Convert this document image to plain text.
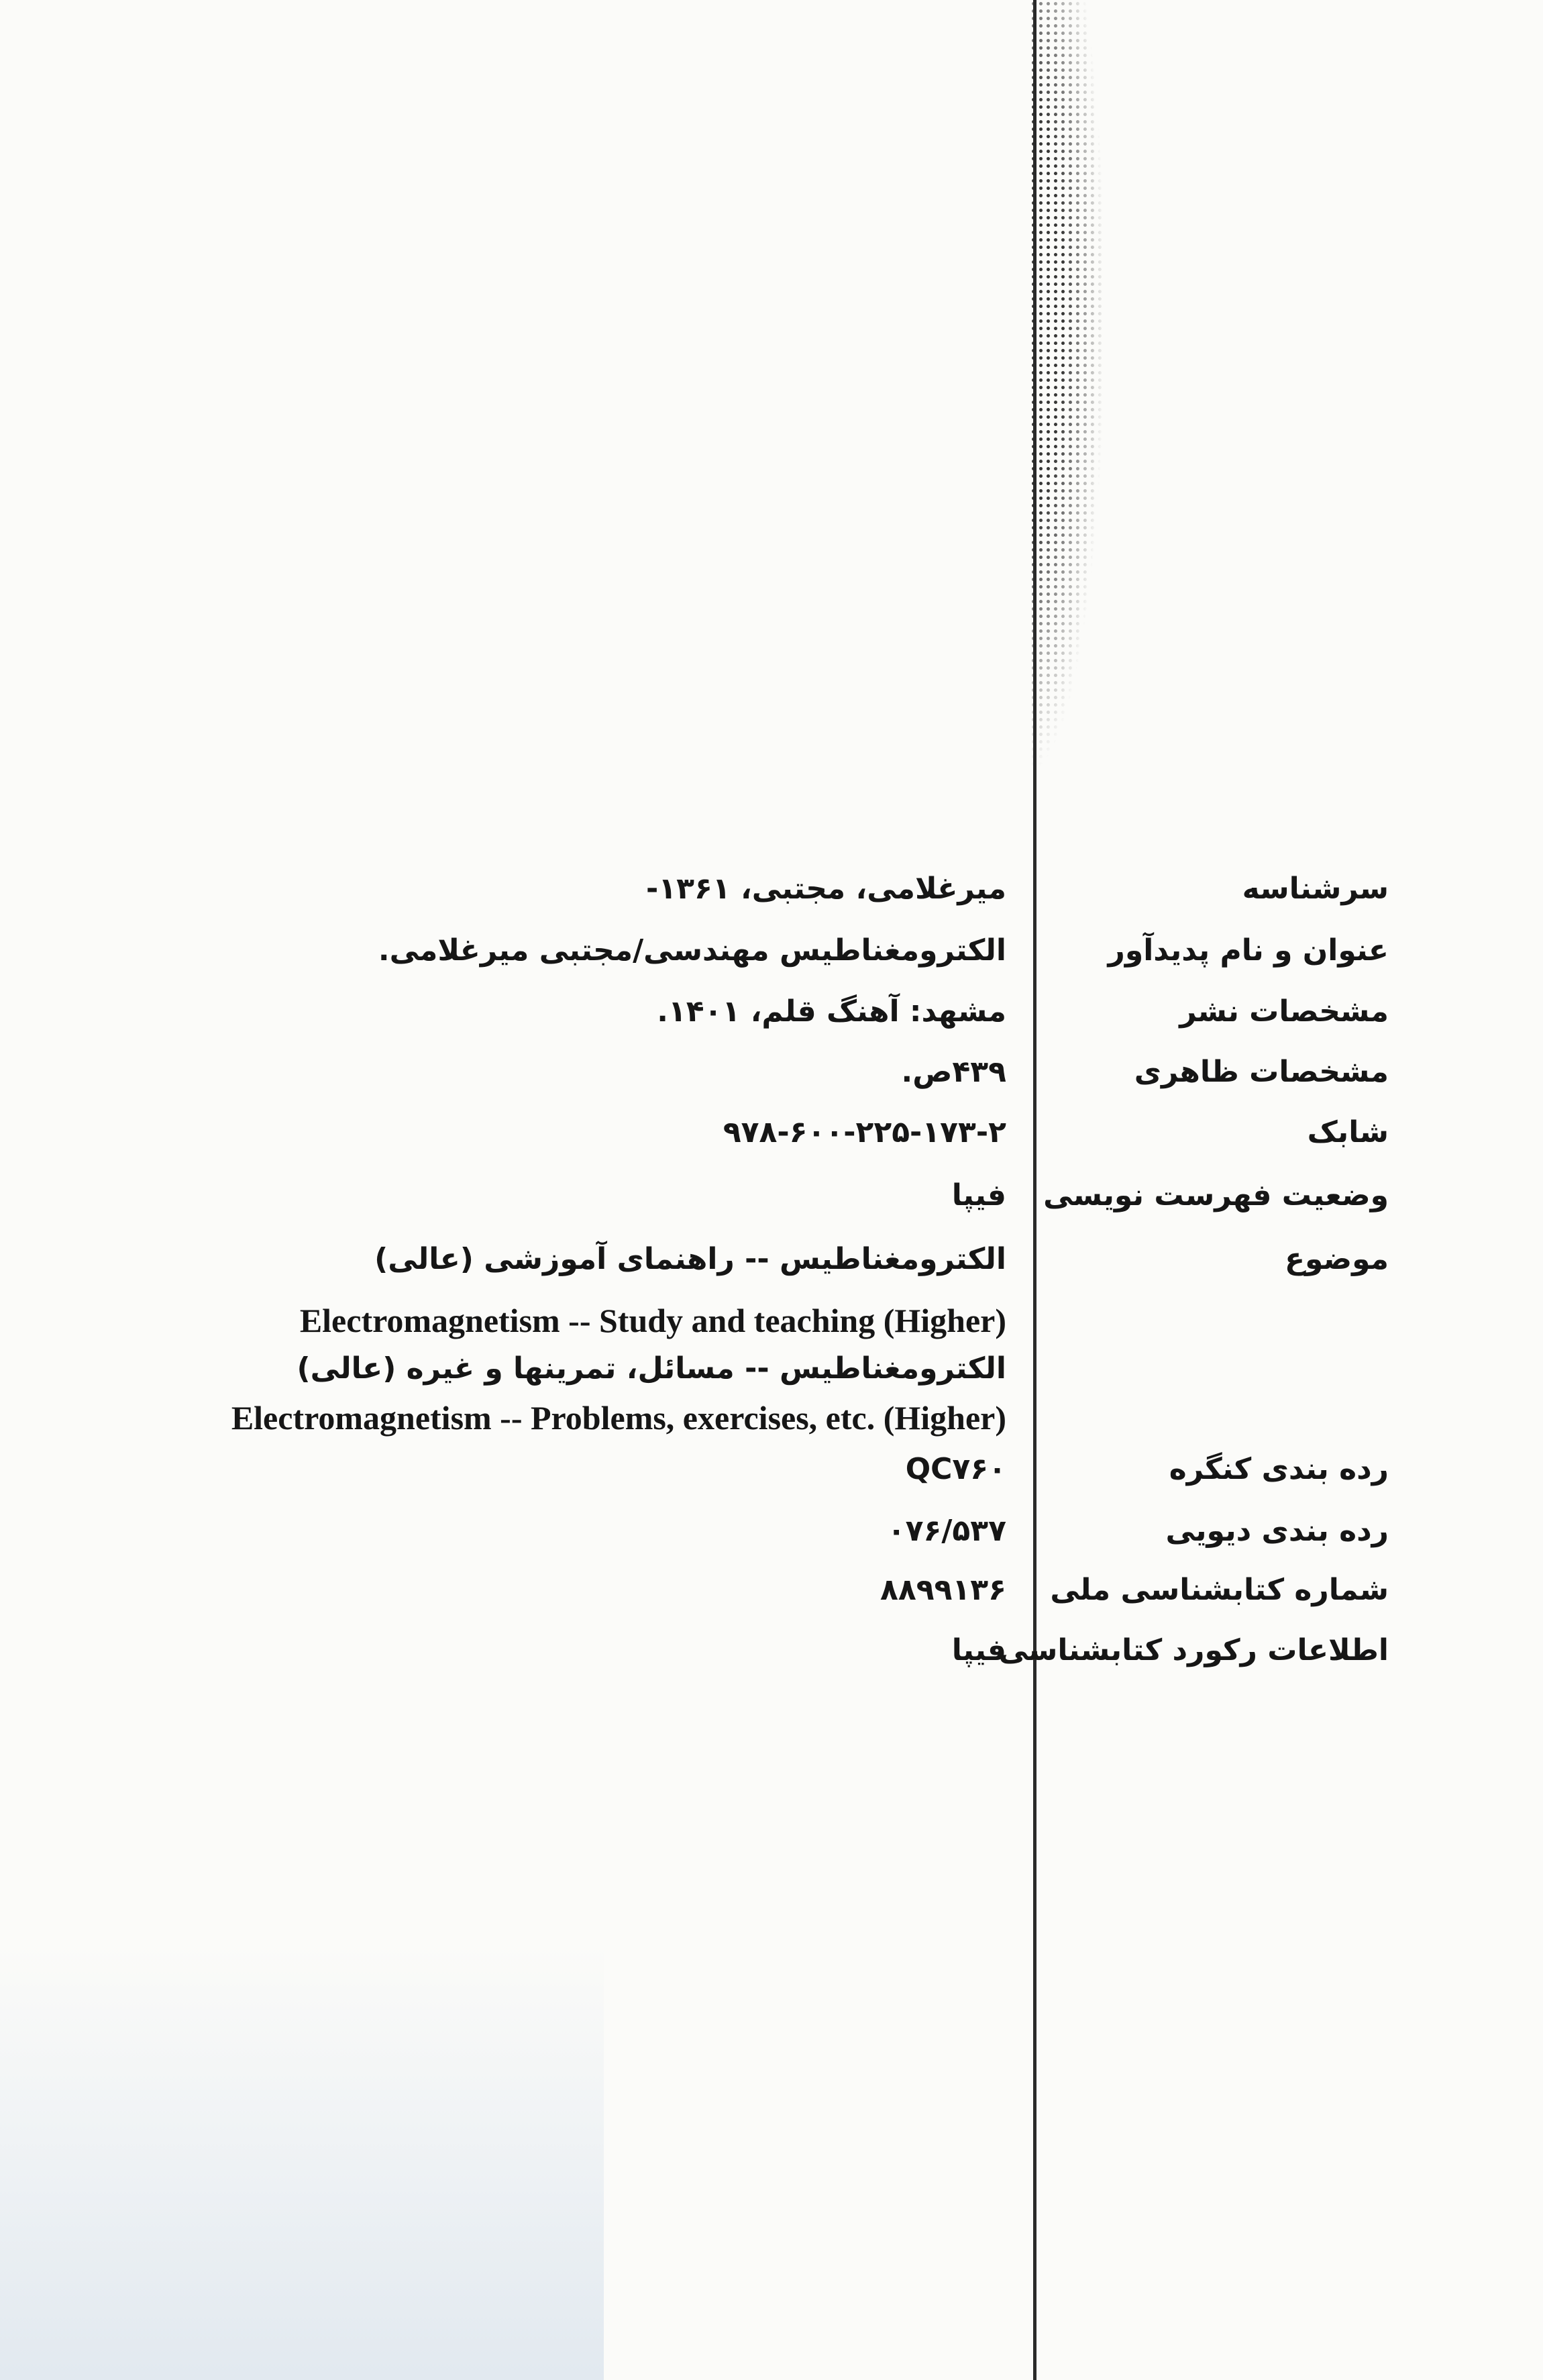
سرشناسه
میرغلامی، مجتبی، ۱۳۶۱-
عنوان و نام پدیدآور
الکترومغناطیس مهندسی/مجتبی میرغلامی.
مشخصات نشر
مشهد: آهنگ قلم، ۱۴۰۱.
مشخصات ظاهری
۴۳۹ص.
شابک
۹۷۸-۶۰۰-۲۲۵-۱۷۳-۲
وضعیت فهرست نویسی
فیپا
موضوع
الکترومغناطیس -- راهنمای آموزشی (عالی)
Electromagnetism -- Study and teaching (Higher)
الکترومغناطیس -- مسائل، تمرینها و غیره (عالی)
Electromagnetism -- Problems, exercises, etc. (Higher)
رده بندی کنگره
QC۷۶۰
رده بندی دیویی
۰۷۶/۵۳۷
شماره کتابشناسی ملی
۸۸۹۹۱۳۶
اطلاعات رکورد کتابشناسی
فیپا
